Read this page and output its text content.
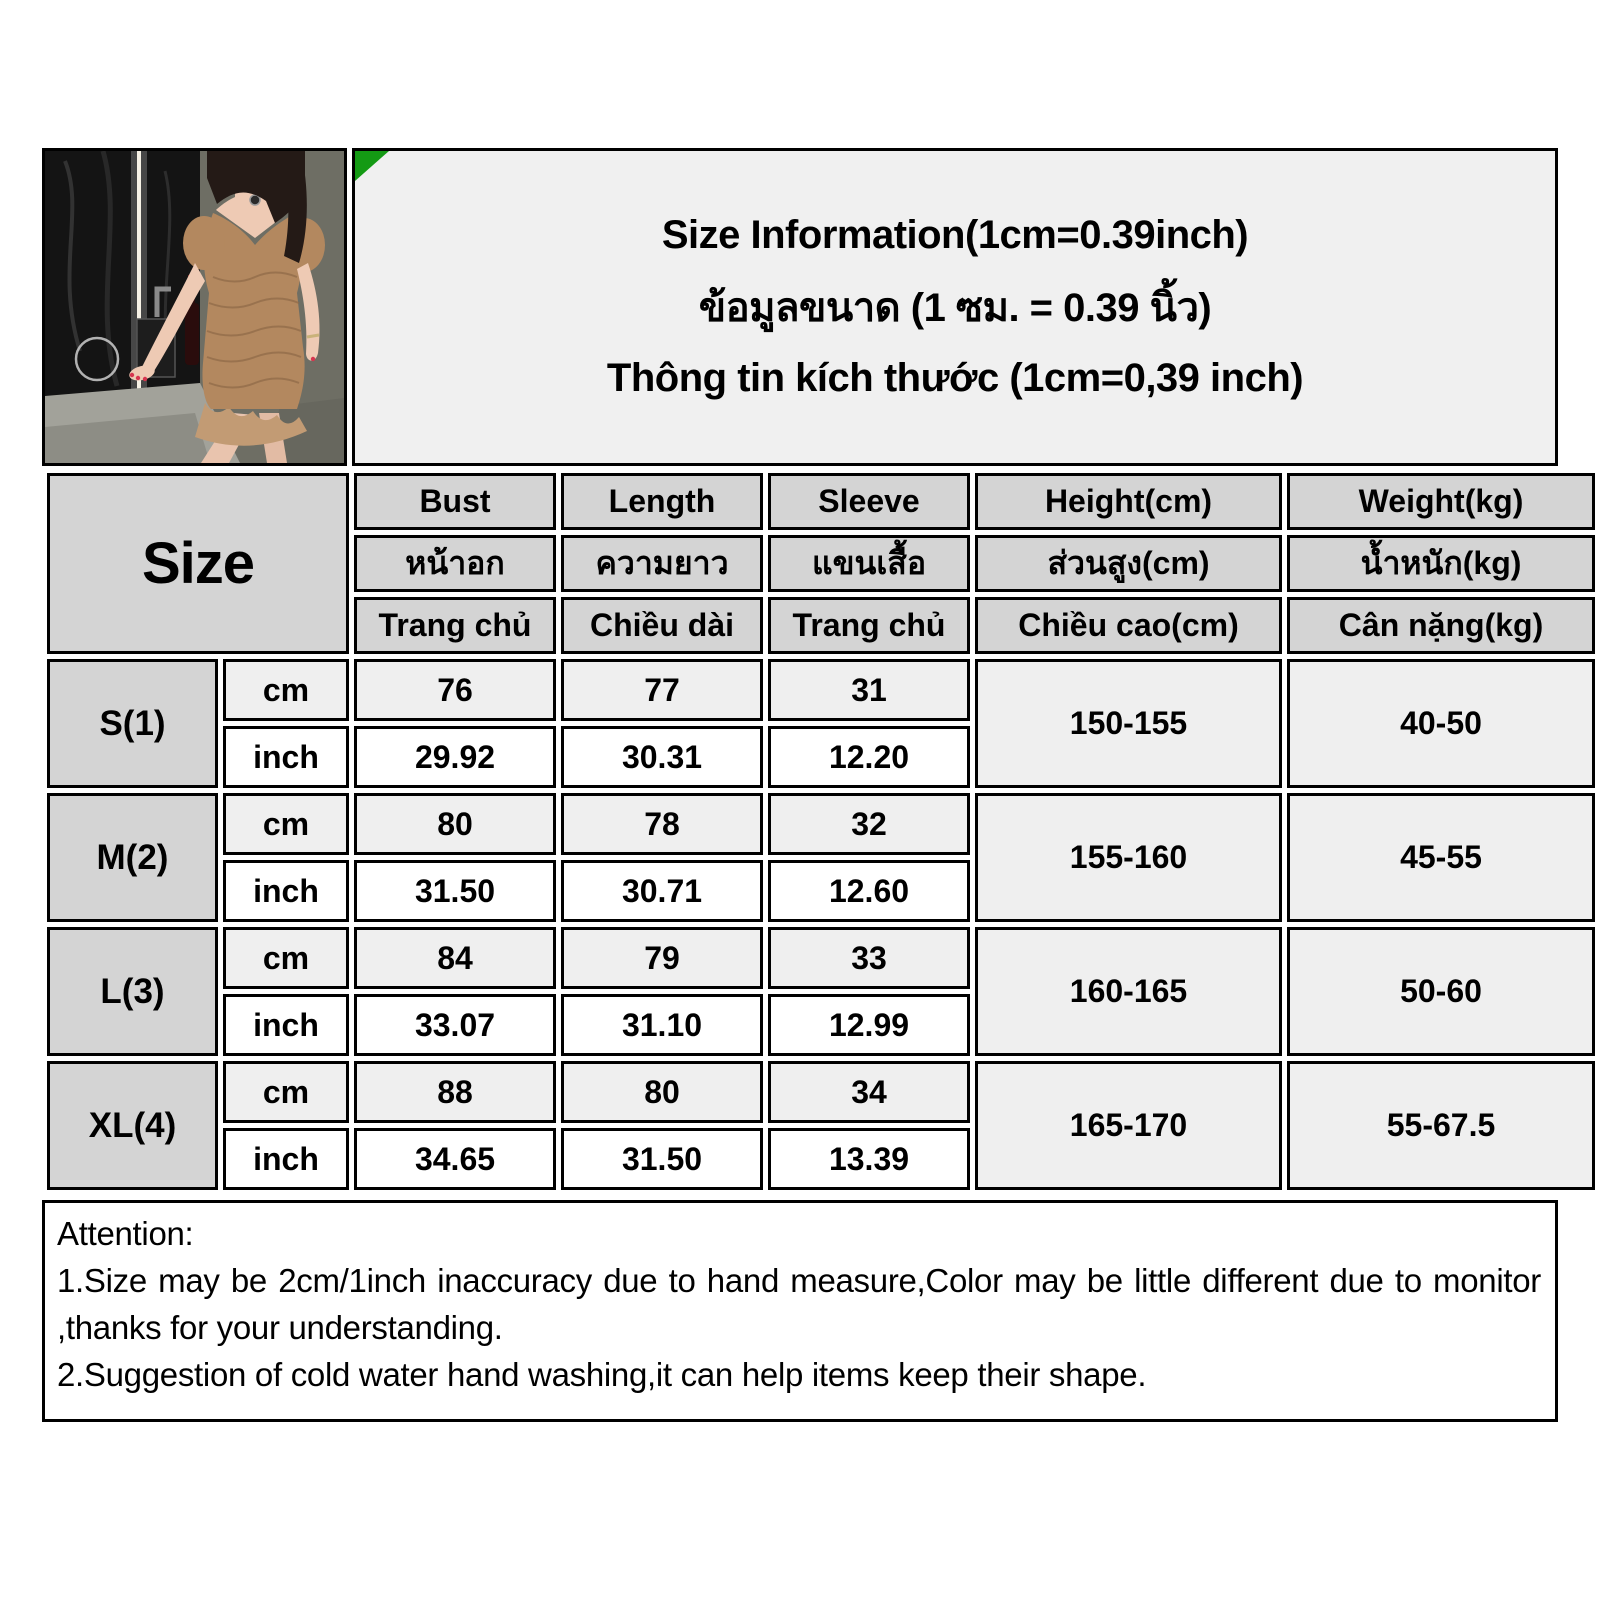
Size Information(1cm=0.39inch)
ข้อมูลขนาด (1 ซม. = 0.39 นิ้ว)
Thông tin kích thước (1cm=0,39 inch)
Size		Bust	Length	Sleeve	Height(cm)	Weight(kg)
		หน้าอก	ความยาว	แขนเสื้อ	ส่วนสูง(cm)	น้ำหนัก(kg)
		Trang chủ	Chiều dài	Trang chủ	Chiều cao(cm)	Cân nặng(kg)
S(1)	cm	76	77	31	150-155	40-50
	inch	29.92	30.31	12.20		
M(2)	cm	80	78	32	155-160	45-55
	inch	31.50	30.71	12.60		
L(3)	cm	84	79	33	160-165	50-60
	inch	33.07	31.10	12.99		
XL(4)	cm	88	80	34	165-170	55-67.5
	inch	34.65	31.50	13.39		
Attention:
1.Size may be 2cm/1inch inaccuracy due to hand measure,Color may be little different due to monitor ,thanks for your understanding.
2.Suggestion of cold water hand washing,it can help items keep their shape.
